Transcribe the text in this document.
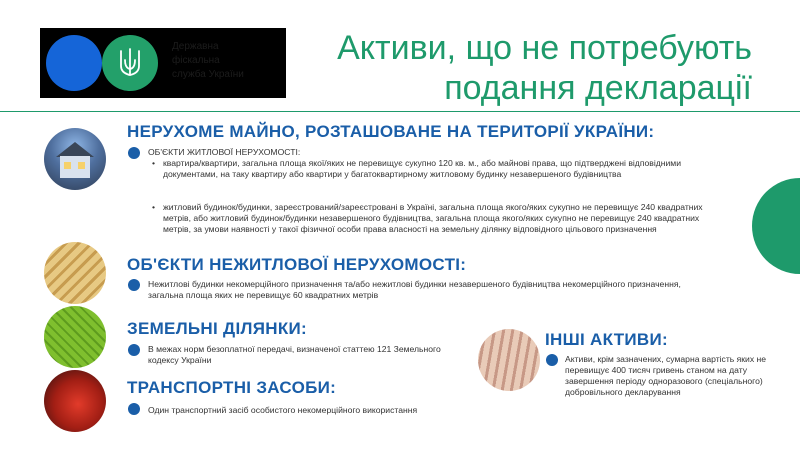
Державна
фіскальна
служба України
Активи, що не потребують
подання декларації
НЕРУХОМЕ МАЙНО, РОЗТАШОВАНЕ НА ТЕРИТОРІЇ УКРАЇНИ:
ОБ'ЄКТИ ЖИТЛОВОЇ НЕРУХОМОСТІ:
• квартира/квартири, загальна площа якої/яких не перевищує сукупно 120 кв. м., або майнові права, що підтверджені відповідними документами, на таку квартиру або квартири у багатоквартирному житловому будинку незавершеного будівництва
• житловий будинок/будинки, зареєстрований/зареєстровані в Україні, загальна площа якого/яких сукупно не перевищує 240 квадратних метрів, або житловий будинок/будинки незавершеного будівництва, загальна площа якого/яких сукупно не перевищує 240 квадратних метрів, за умови наявності у такої фізичної особи права власності на земельну ділянку відповідного цільового призначення
ОБ'ЄКТИ НЕЖИТЛОВОЇ НЕРУХОМОСТІ:
Нежитлові будинки некомерційного призначення та/або нежитлові будинки незавершеного будівництва некомерційного призначення, загальна площа яких не перевищує 60 квадратних метрів
ЗЕМЕЛЬНІ ДІЛЯНКИ:
В межах норм безоплатної передачі, визначеної статтею 121 Земельного кодексу України
ТРАНСПОРТНІ ЗАСОБИ:
Один транспортний засіб особистого некомерційного використання
ІНШІ АКТИВИ:
Активи, крім зазначених, сумарна вартість яких не перевищує 400 тисяч гривень станом на дату завершення періоду одноразового (спеціального) добровільного декларування
